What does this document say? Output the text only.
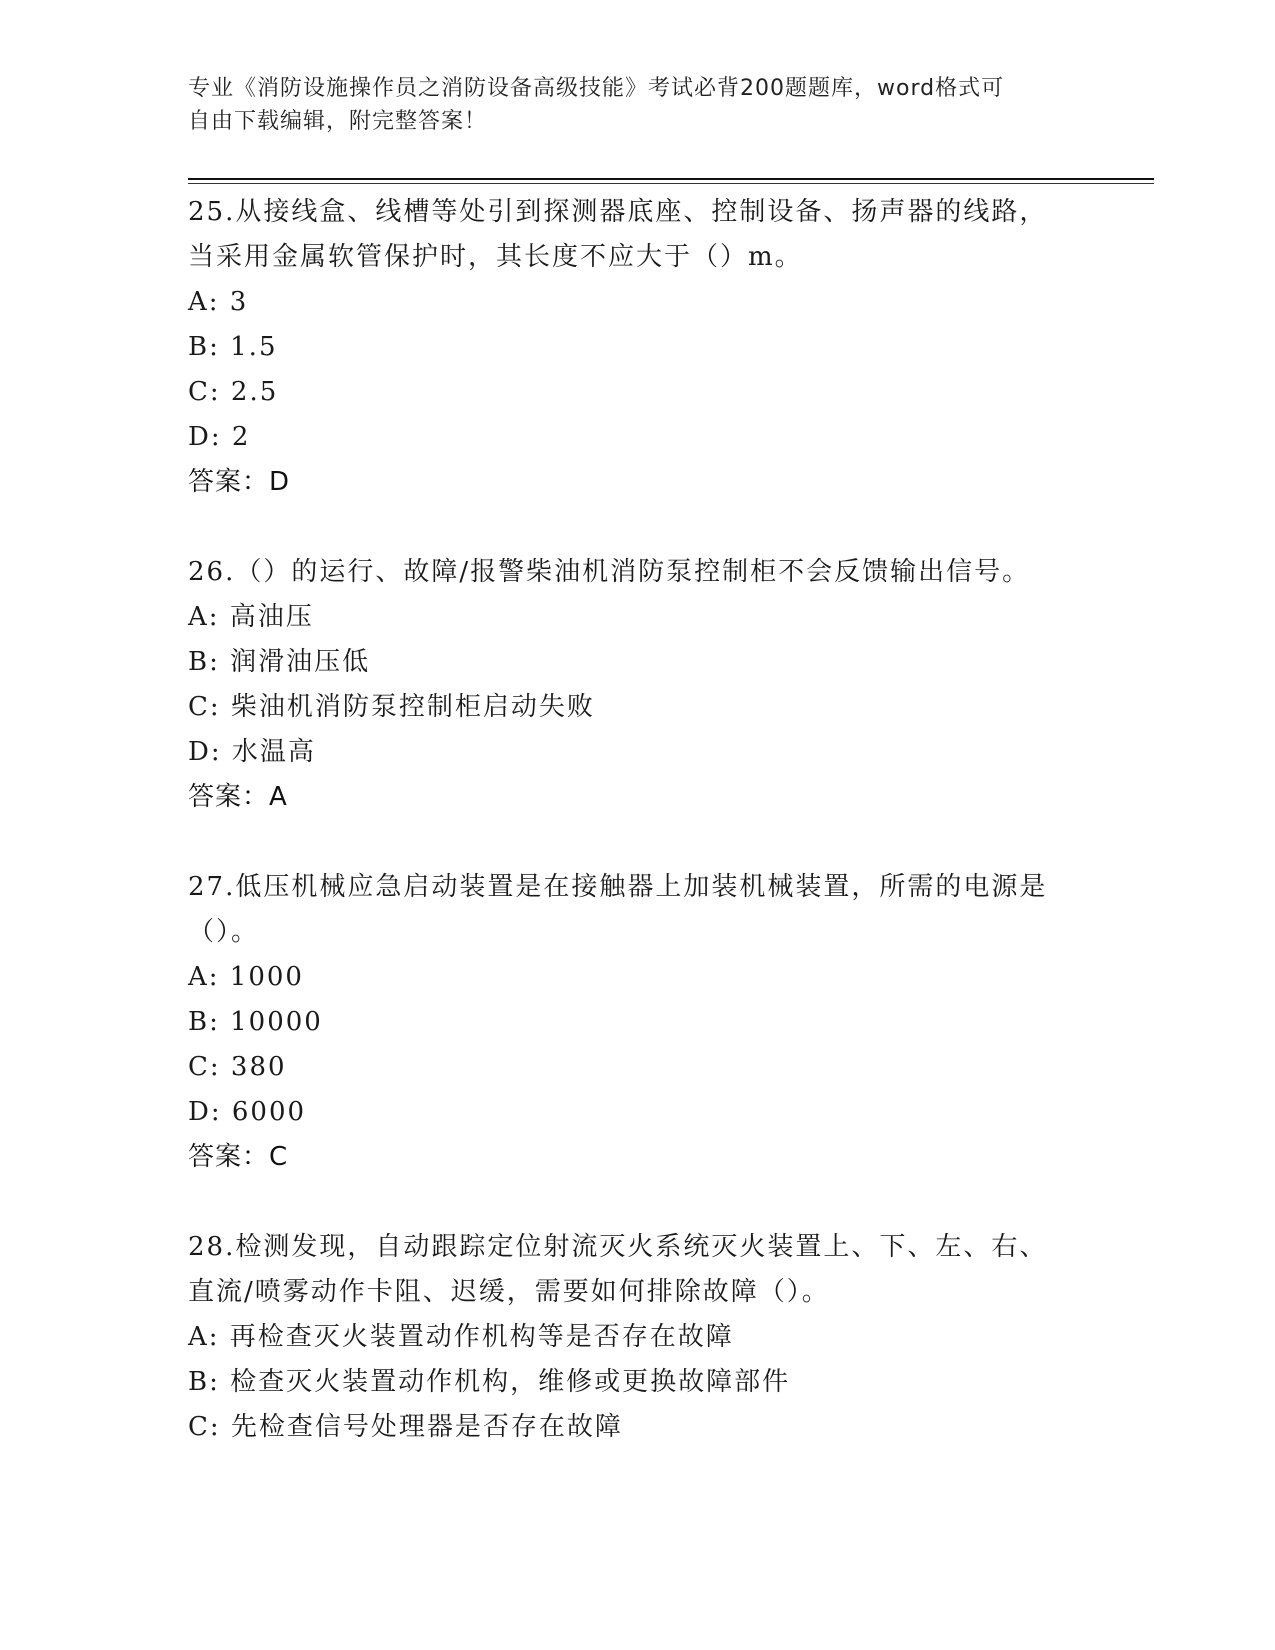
专业《消防设施操作员之消防设备高级技能》考试必背200题题库，word格式可
自由下载编辑，附完整答案！

25.从接线盒、线槽等处引到探测器底座、控制设备、扬声器的线路，

当采用金属软管保护时，其长度不应大于（）m。

A: 3

B: 1.5

C: 2.5

D: 2

答案：D

26.（）的运行、故障/报警柴油机消防泵控制柜不会反馈输出信号。

A: 高油压

B: 润滑油压低

C: 柴油机消防泵控制柜启动失败

D: 水温高

答案：A

27.低压机械应急启动装置是在接触器上加装机械装置，所需的电源是

（）。

A: 1000

B: 10000

C: 380

D: 6000

答案：C

28.检测发现，自动跟踪定位射流灭火系统灭火装置上、下、左、右、

直流/喷雾动作卡阻、迟缓，需要如何排除故障（）。

A: 再检查灭火装置动作机构等是否存在故障

B: 检查灭火装置动作机构，维修或更换故障部件

C: 先检查信号处理器是否存在故障
